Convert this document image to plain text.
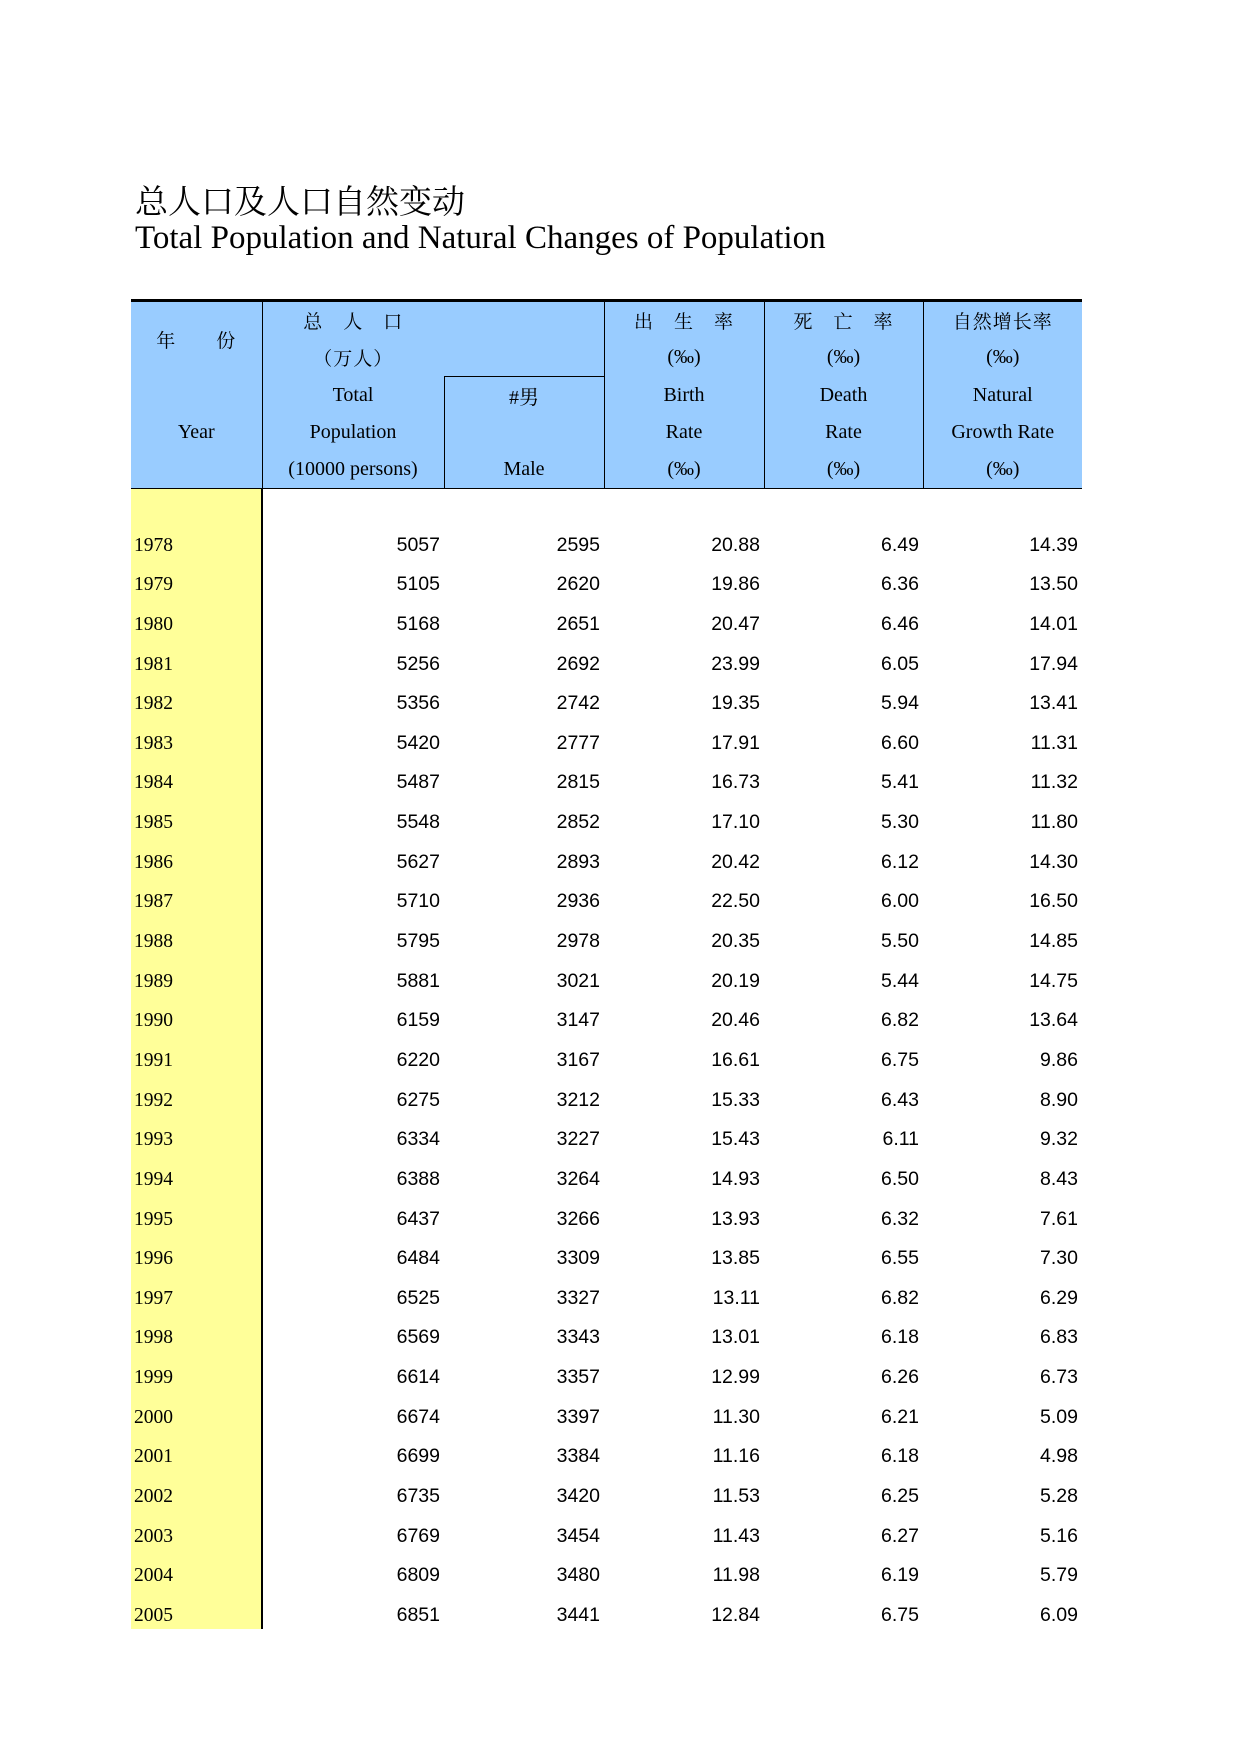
总人口及人口自然变动
Total Population and Natural Changes of Population
年　　份	总　人　口		出　生　率	死　亡　率	自然增长率
	（万人）		(‰)	(‰)	(‰)
	Total	#男	Birth	Death	Natural
Year	Population		Rate	Rate	Growth Rate
	(10000 persons)	Male	(‰)	(‰)	(‰)

1978	5057	2595	20.88	6.49	14.39
1979	5105	2620	19.86	6.36	13.50
1980	5168	2651	20.47	6.46	14.01
1981	5256	2692	23.99	6.05	17.94
1982	5356	2742	19.35	5.94	13.41
1983	5420	2777	17.91	6.60	11.31
1984	5487	2815	16.73	5.41	11.32
1985	5548	2852	17.10	5.30	11.80
1986	5627	2893	20.42	6.12	14.30
1987	5710	2936	22.50	6.00	16.50
1988	5795	2978	20.35	5.50	14.85
1989	5881	3021	20.19	5.44	14.75
1990	6159	3147	20.46	6.82	13.64
1991	6220	3167	16.61	6.75	9.86
1992	6275	3212	15.33	6.43	8.90
1993	6334	3227	15.43	6.11	9.32
1994	6388	3264	14.93	6.50	8.43
1995	6437	3266	13.93	6.32	7.61
1996	6484	3309	13.85	6.55	7.30
1997	6525	3327	13.11	6.82	6.29
1998	6569	3343	13.01	6.18	6.83
1999	6614	3357	12.99	6.26	6.73
2000	6674	3397	11.30	6.21	5.09
2001	6699	3384	11.16	6.18	4.98
2002	6735	3420	11.53	6.25	5.28
2003	6769	3454	11.43	6.27	5.16
2004	6809	3480	11.98	6.19	5.79
2005	6851	3441	12.84	6.75	6.09
